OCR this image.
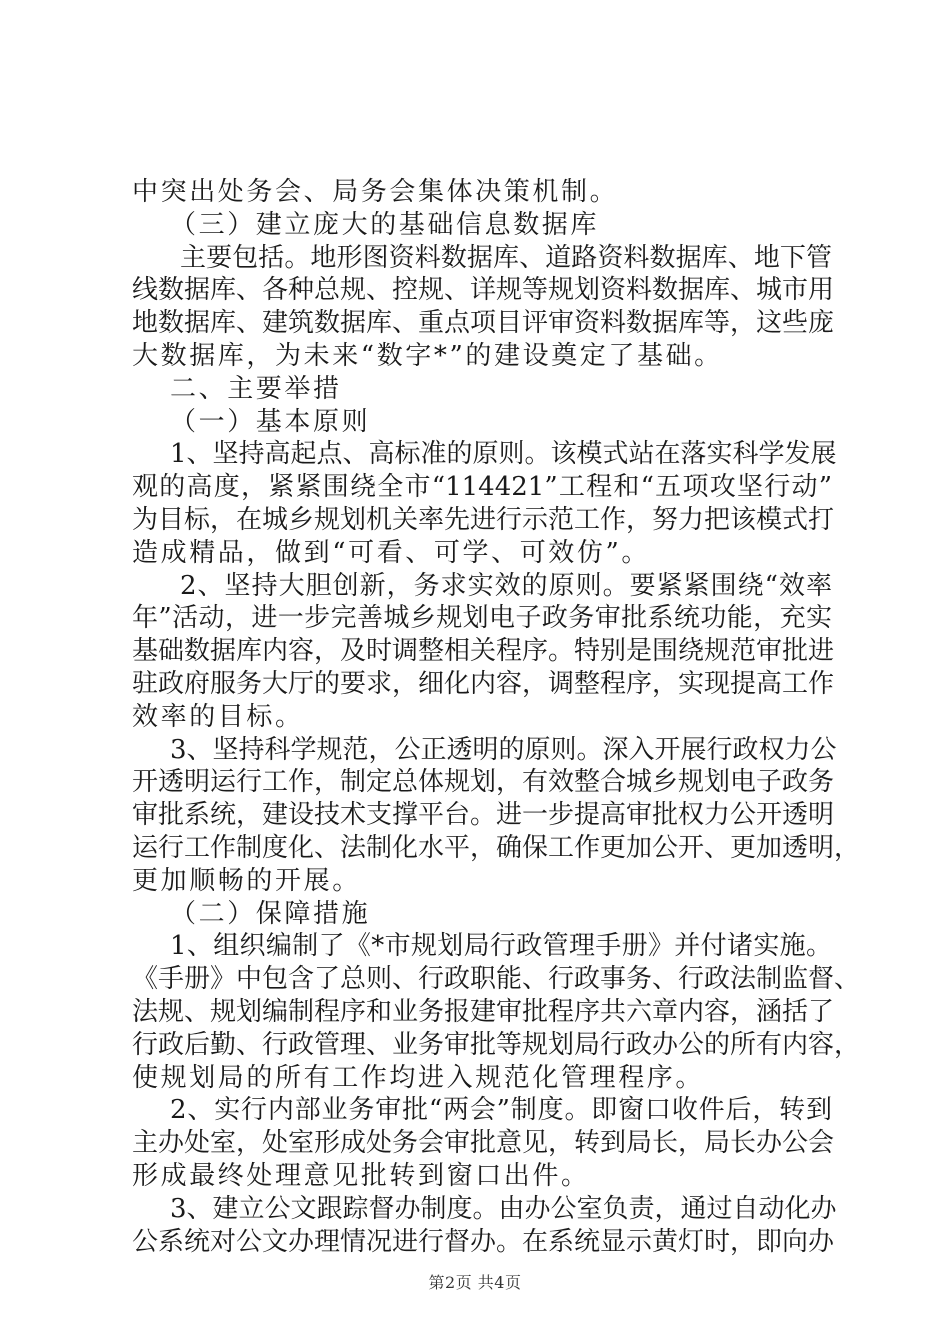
中突出处务会、局务会集体决策机制。
（三）建立庞大的基础信息数据库
主要包括。地形图资料数据库、道路资料数据库、地下管
线数据库、各种总规、控规、详规等规划资料数据库、城市用
地数据库、建筑数据库、重点项目评审资料数据库等，这些庞
大数据库，为未来“数字*”的建设奠定了基础。
二、主要举措
（一）基本原则
1、坚持高起点、高标准的原则。该模式站在落实科学发展
观的高度，紧紧围绕全市“114421”工程和“五项攻坚行动”
为目标，在城乡规划机关率先进行示范工作，努力把该模式打
造成精品，做到“可看、可学、可效仿”。
2、坚持大胆创新，务求实效的原则。要紧紧围绕“效率
年”活动，进一步完善城乡规划电子政务审批系统功能，充实
基础数据库内容，及时调整相关程序。特别是围绕规范审批进
驻政府服务大厅的要求，细化内容，调整程序，实现提高工作
效率的目标。
3、坚持科学规范，公正透明的原则。深入开展行政权力公
开透明运行工作，制定总体规划，有效整合城乡规划电子政务
审批系统，建设技术支撑平台。进一步提高审批权力公开透明
运行工作制度化、法制化水平，确保工作更加公开、更加透明，
更加顺畅的开展。
（二）保障措施
1、组织编制了《*市规划局行政管理手册》并付诸实施。
《手册》中包含了总则、行政职能、行政事务、行政法制监督、
法规、规划编制程序和业务报建审批程序共六章内容，涵括了
行政后勤、行政管理、业务审批等规划局行政办公的所有内容，
使规划局的所有工作均进入规范化管理程序。
2、实行内部业务审批“两会”制度。即窗口收件后，转到
主办处室，处室形成处务会审批意见，转到局长，局长办公会
形成最终处理意见批转到窗口出件。
3、建立公文跟踪督办制度。由办公室负责，通过自动化办
公系统对公文办理情况进行督办。在系统显示黄灯时，即向办
第2页 共4页
